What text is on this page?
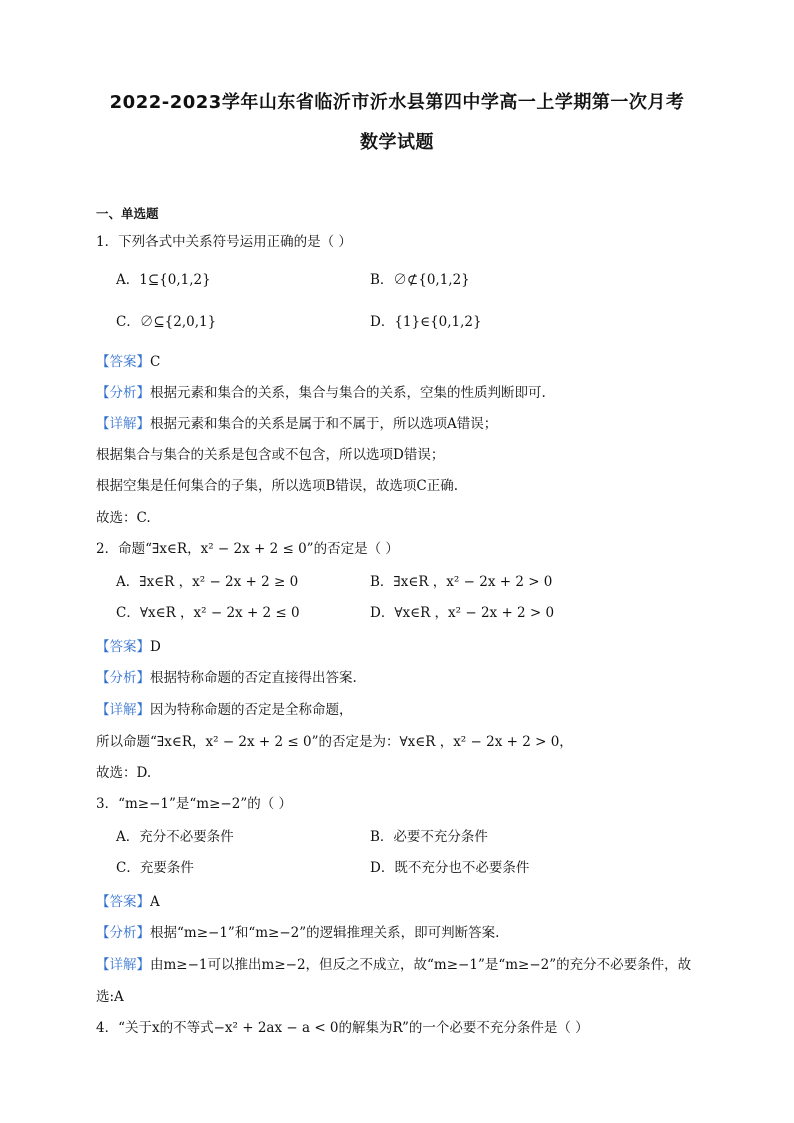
2022-2023学年山东省临沂市沂水县第四中学高一上学期第一次月考
数学试题
一、单选题
1．下列各式中关系符号运用正确的是（ ）
A．1⊆{0,1,2}	B．∅⊄{0,1,2}
C．∅⊆{2,0,1}	D．{1}∈{0,1,2}
【答案】C
【分析】根据元素和集合的关系，集合与集合的关系，空集的性质判断即可.
【详解】根据元素和集合的关系是属于和不属于，所以选项A错误；
根据集合与集合的关系是包含或不包含，所以选项D错误；
根据空集是任何集合的子集，所以选项B错误，故选项C正确.
故选：C.
2．命题“∃x∈R，x² − 2x + 2 ≤ 0”的否定是（ ）
A．∃x∈R ，x² − 2x + 2 ≥ 0	B．∃x∈R ，x² − 2x + 2 > 0
C．∀x∈R ，x² − 2x + 2 ≤ 0	D．∀x∈R ，x² − 2x + 2 > 0
【答案】D
【分析】根据特称命题的否定直接得出答案.
【详解】因为特称命题的否定是全称命题，
所以命题“∃x∈R，x² − 2x + 2 ≤ 0”的否定是为：∀x∈R ，x² − 2x + 2 > 0，
故选：D.
3．“m≥−1”是“m≥−2”的（ ）
A．充分不必要条件	B．必要不充分条件
C．充要条件	D．既不充分也不必要条件
【答案】A
【分析】根据“m≥−1”和“m≥−2”的逻辑推理关系，即可判断答案.
【详解】由m≥−1可以推出m≥−2，但反之不成立，故“m≥−1”是“m≥−2”的充分不必要条件，故
选:A
4．“关于x的不等式−x² + 2ax − a < 0的解集为R”的一个必要不充分条件是（ ）
